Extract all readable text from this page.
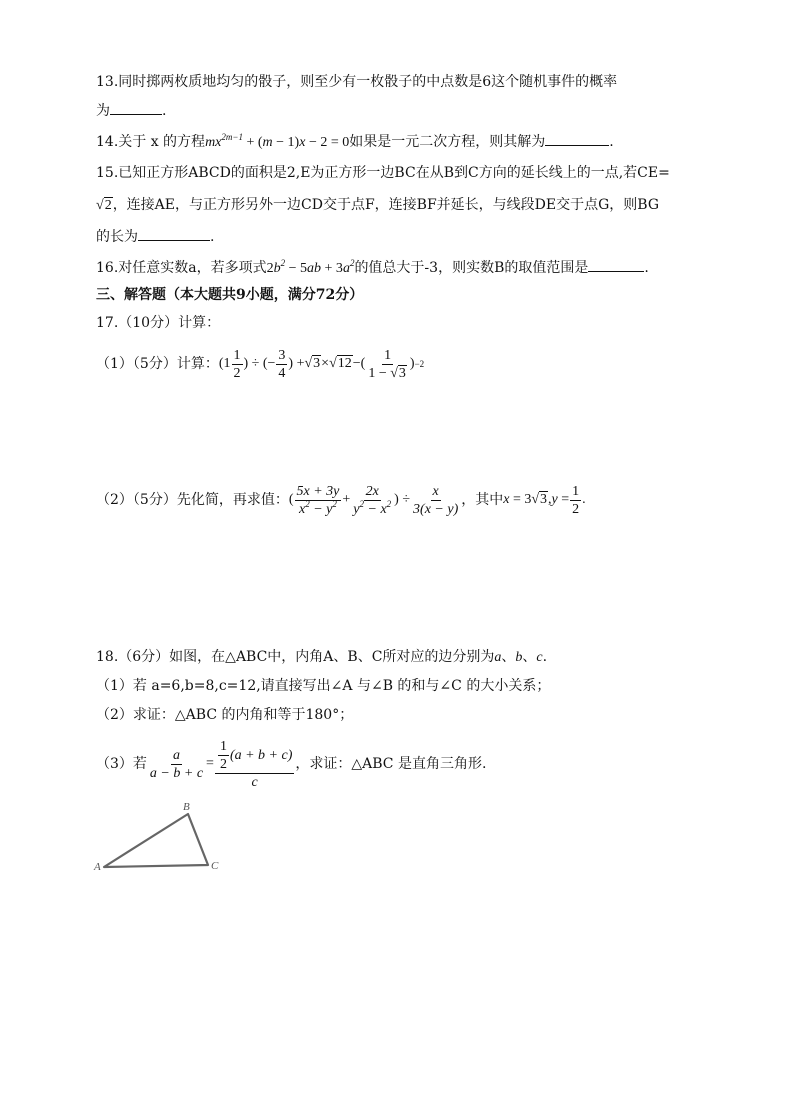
13.同时掷两枚质地均匀的骰子，则至少有一枚骰子的中点数是6这个随机事件的概率
为	.
14.关于 x 的方程$mx^{2m-1} + (m - 1)x - 2 = 0$如果是一元二次方程，则其解为	.
15.已知正方形ABCD的面积是2,E为正方形一边BC在从B到C方向的延长线上的一点,若CE=
√2，连接AE，与正方形另外一边CD交于点F，连接BF并延长，与线段DE交于点G，则BG
的长为	.
16.对任意实数a，若多项式$2b^2 - 5ab + 3a^2$的值总大于-3，则实数B的取值范围是	.
三、解答题（本大题共9小题，满分72分）
17.（10分）计算：
（1）（5分）计算： ($1 \frac{1}{2}$ ) ÷ (− $\frac{3}{4}$ ) + √3 × √12 −( $\frac{1}{1 - √3}$ ) −2
（2）（5分）先化简，再求值： ( $\frac{5x + 3y}{x^2 - y^2} + \frac{2x}{y^2 - x^2}$ ) ÷ $\frac{x}{3(x - y)}$ ，其中 x = 3 √3 , $y = \frac{1}{2}$ .
18.（6分）如图，在△ABC中，内角A、B、C所对应的边分别为a、b、c.
（1）若 a=6,b=8,c=12,请直接写出∠A 与∠B 的和与∠C 的大小关系；
（2）求证：△ABC 的内角和等于180°；
（3）若 $\frac{a}{a - b + c} = \frac{\frac{1}{2} (a + b + c)}{c}$ ，求证：△ABC 是直角三角形.
A
B
C
